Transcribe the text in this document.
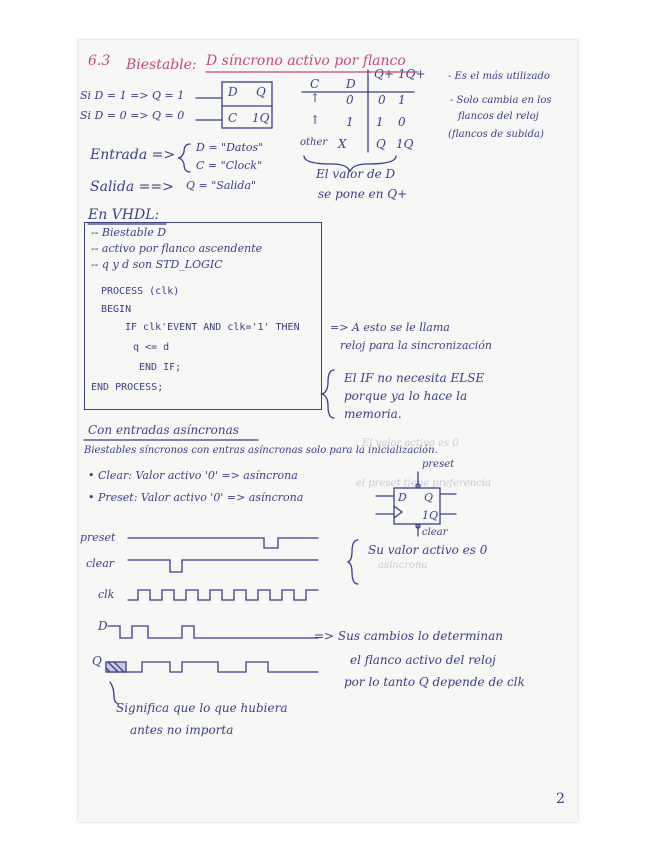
El valor activo es 0
el preset tiene preferencia
asíncrona
6.3 Biestable: D síncrono activo por flanco
Si D = 1 => Q = 1
Si D = 0 => Q = 0
D Q
C 1Q
C D
Q+ 1Q+
↑ 0 0 1
↑ 1 1 0
other X Q 1Q
El valor de D
se pone en Q+
- Es el más utilizado
- Solo cambia en los
flancos del reloj
(flancos de subida)
Entrada => D = "Datos"
C = "Clock"
Salida ==> Q = "Salida"
En VHDL:
-- Biestable D
-- activo por flanco ascendente
-- q y d son STD_LOGIC
PROCESS (clk)
BEGIN
IF clk'EVENT AND clk='1' THEN
q <= d
END IF;
END PROCESS;
=> A esto se le llama
reloj para la sincronización
El IF no necesita ELSE
porque ya lo hace la
memoria.
Con entradas asíncronas
Biestables síncronos con entras asíncronas solo para la inicialización.
• Clear: Valor activo '0' => asíncrona
• Preset: Valor activo '0' => asíncrona
preset
D Q
1Q
clear
Su valor activo es 0
preset
clear
clk
D
Q
=> Sus cambios lo determinan
el flanco activo del reloj
por lo tanto Q depende de clk
Significa que lo que hubiera
antes no importa
2
